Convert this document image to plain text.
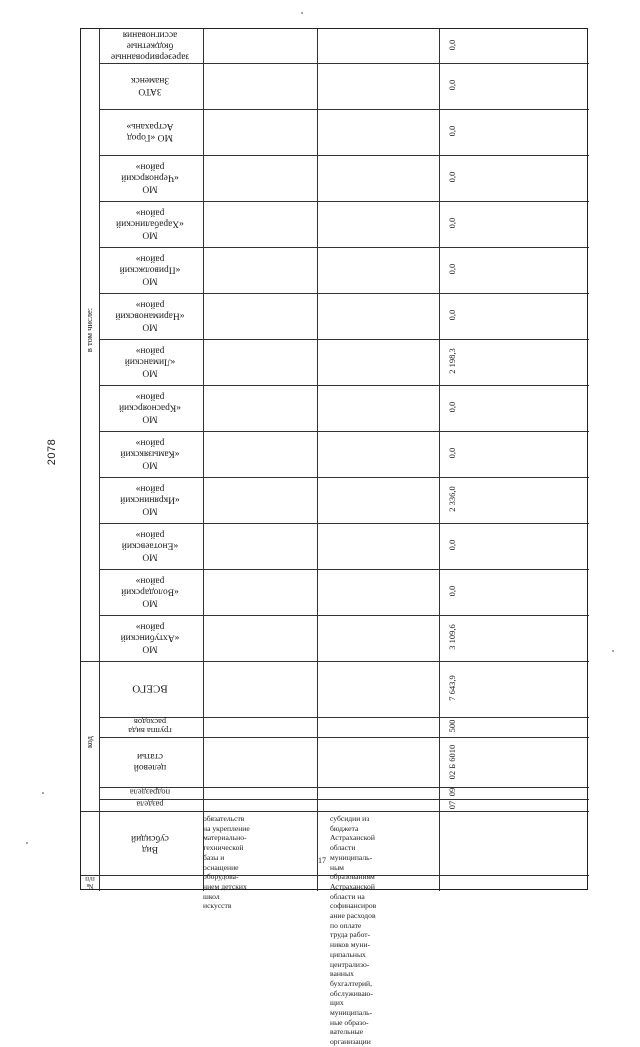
2078
в том числе:
код
зарезервированные
бюджетные
ассигнования
ЗАТО Знаменск
МО «Город
Астрахань»
МО «Черноярский
район»
МО «Харабалинский
район»
МО «Приволжский
район»
МО «Наримановский
район»
МО «Лиманский
район»
МО «Красноярский
район»
МО «Камызякский
район»
МО «Икрянинский
район»
МО «Енотаевский
район»
МО «Володарский
район»
МО «Ахтубинский
район»
ВСЕГО
группа вида
расходов
целевой статьи
подраздела
раздела
Вид
субсидий
№
п/п
обязательств
на укрепление
материально-
технической
базы и
оснащение
оборудова-
нием детских
школ
искусств
субсидии из
бюджета
Астраханской
области
муниципаль-
ным
образованиям
Астраханской
области на
софинансиров
ание расходов
по оплате
труда работ-
ников муни-
ципальных
централизо-
ванных
бухгалтерий,
обслуживаю-
щих
муниципаль-
ные образо-
вательные
организации
17
0,0
0,0
0,0
0,0
0,0
0,0
0,0
2 198,3
0,0
0,0
2 336,0
0,0
0,0
3 109,6
7 643,9
500
02 Б 6010
09
07
